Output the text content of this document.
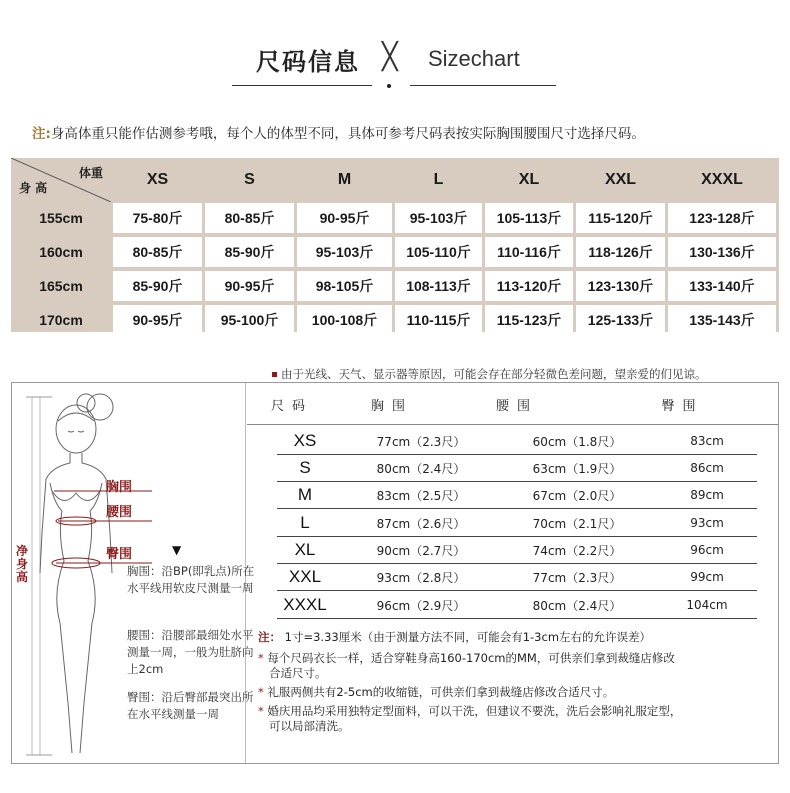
尺码信息 ╳ Sizechart
注:身高体重只能作估测参考哦，每个人的体型不同，具体可参考尺码表按实际胸围腰围尺寸选择尺码。
体重
身 高	XS	S	M	L	XL	XXL	XXXL
155cm	75-80斤	80-85斤	90-95斤	95-103斤	105-113斤	115-120斤	123-128斤
160cm	80-85斤	85-90斤	95-103斤	105-110斤	110-116斤	118-126斤	130-136斤
165cm	85-90斤	90-95斤	98-105斤	108-113斤	113-120斤	123-130斤	133-140斤
170cm	90-95斤	95-100斤	100-108斤	110-115斤	115-123斤	125-133斤	135-143斤
由于光线、天气、显示器等原因，可能会存在部分轻微色差问题，望亲爱的们见谅。
胸围
腰围
臀围	▼
净身高	胸围：沿BP(即乳点)所在水平线用软皮尺测量一周
腰围：沿腰部最细处水平测量一周，一般为肚脐向上2cm
臀围：沿后臀部最突出所在水平线测量一周
尺码	胸围	腰围	臀围
XS	77cm（2.3尺）	60cm（1.8尺）	83cm
S	80cm（2.4尺）	63cm（1.9尺）	86cm
M	83cm（2.5尺）	67cm（2.0尺）	89cm
L	87cm（2.6尺）	70cm（2.1尺）	93cm
XL	90cm（2.7尺）	74cm（2.2尺）	96cm
XXL	93cm（2.8尺）	77cm（2.3尺）	99cm
XXXL	96cm（2.9尺）	80cm（2.4尺）	104cm

注： 1寸=3.33厘米（由于测量方法不同，可能会有1-3cm左右的允许误差）

* 每个尺码衣长一样，适合穿鞋身高160-170cm的MM，可供亲们拿到裁缝店修改

合适尺寸。

* 礼服两侧共有2-5cm的收缩链，可供亲们拿到裁缝店修改合适尺寸。

* 婚庆用品均采用独特定型面料，可以干洗，但建议不要洗，洗后会影响礼服定型，

可以局部清洗。
